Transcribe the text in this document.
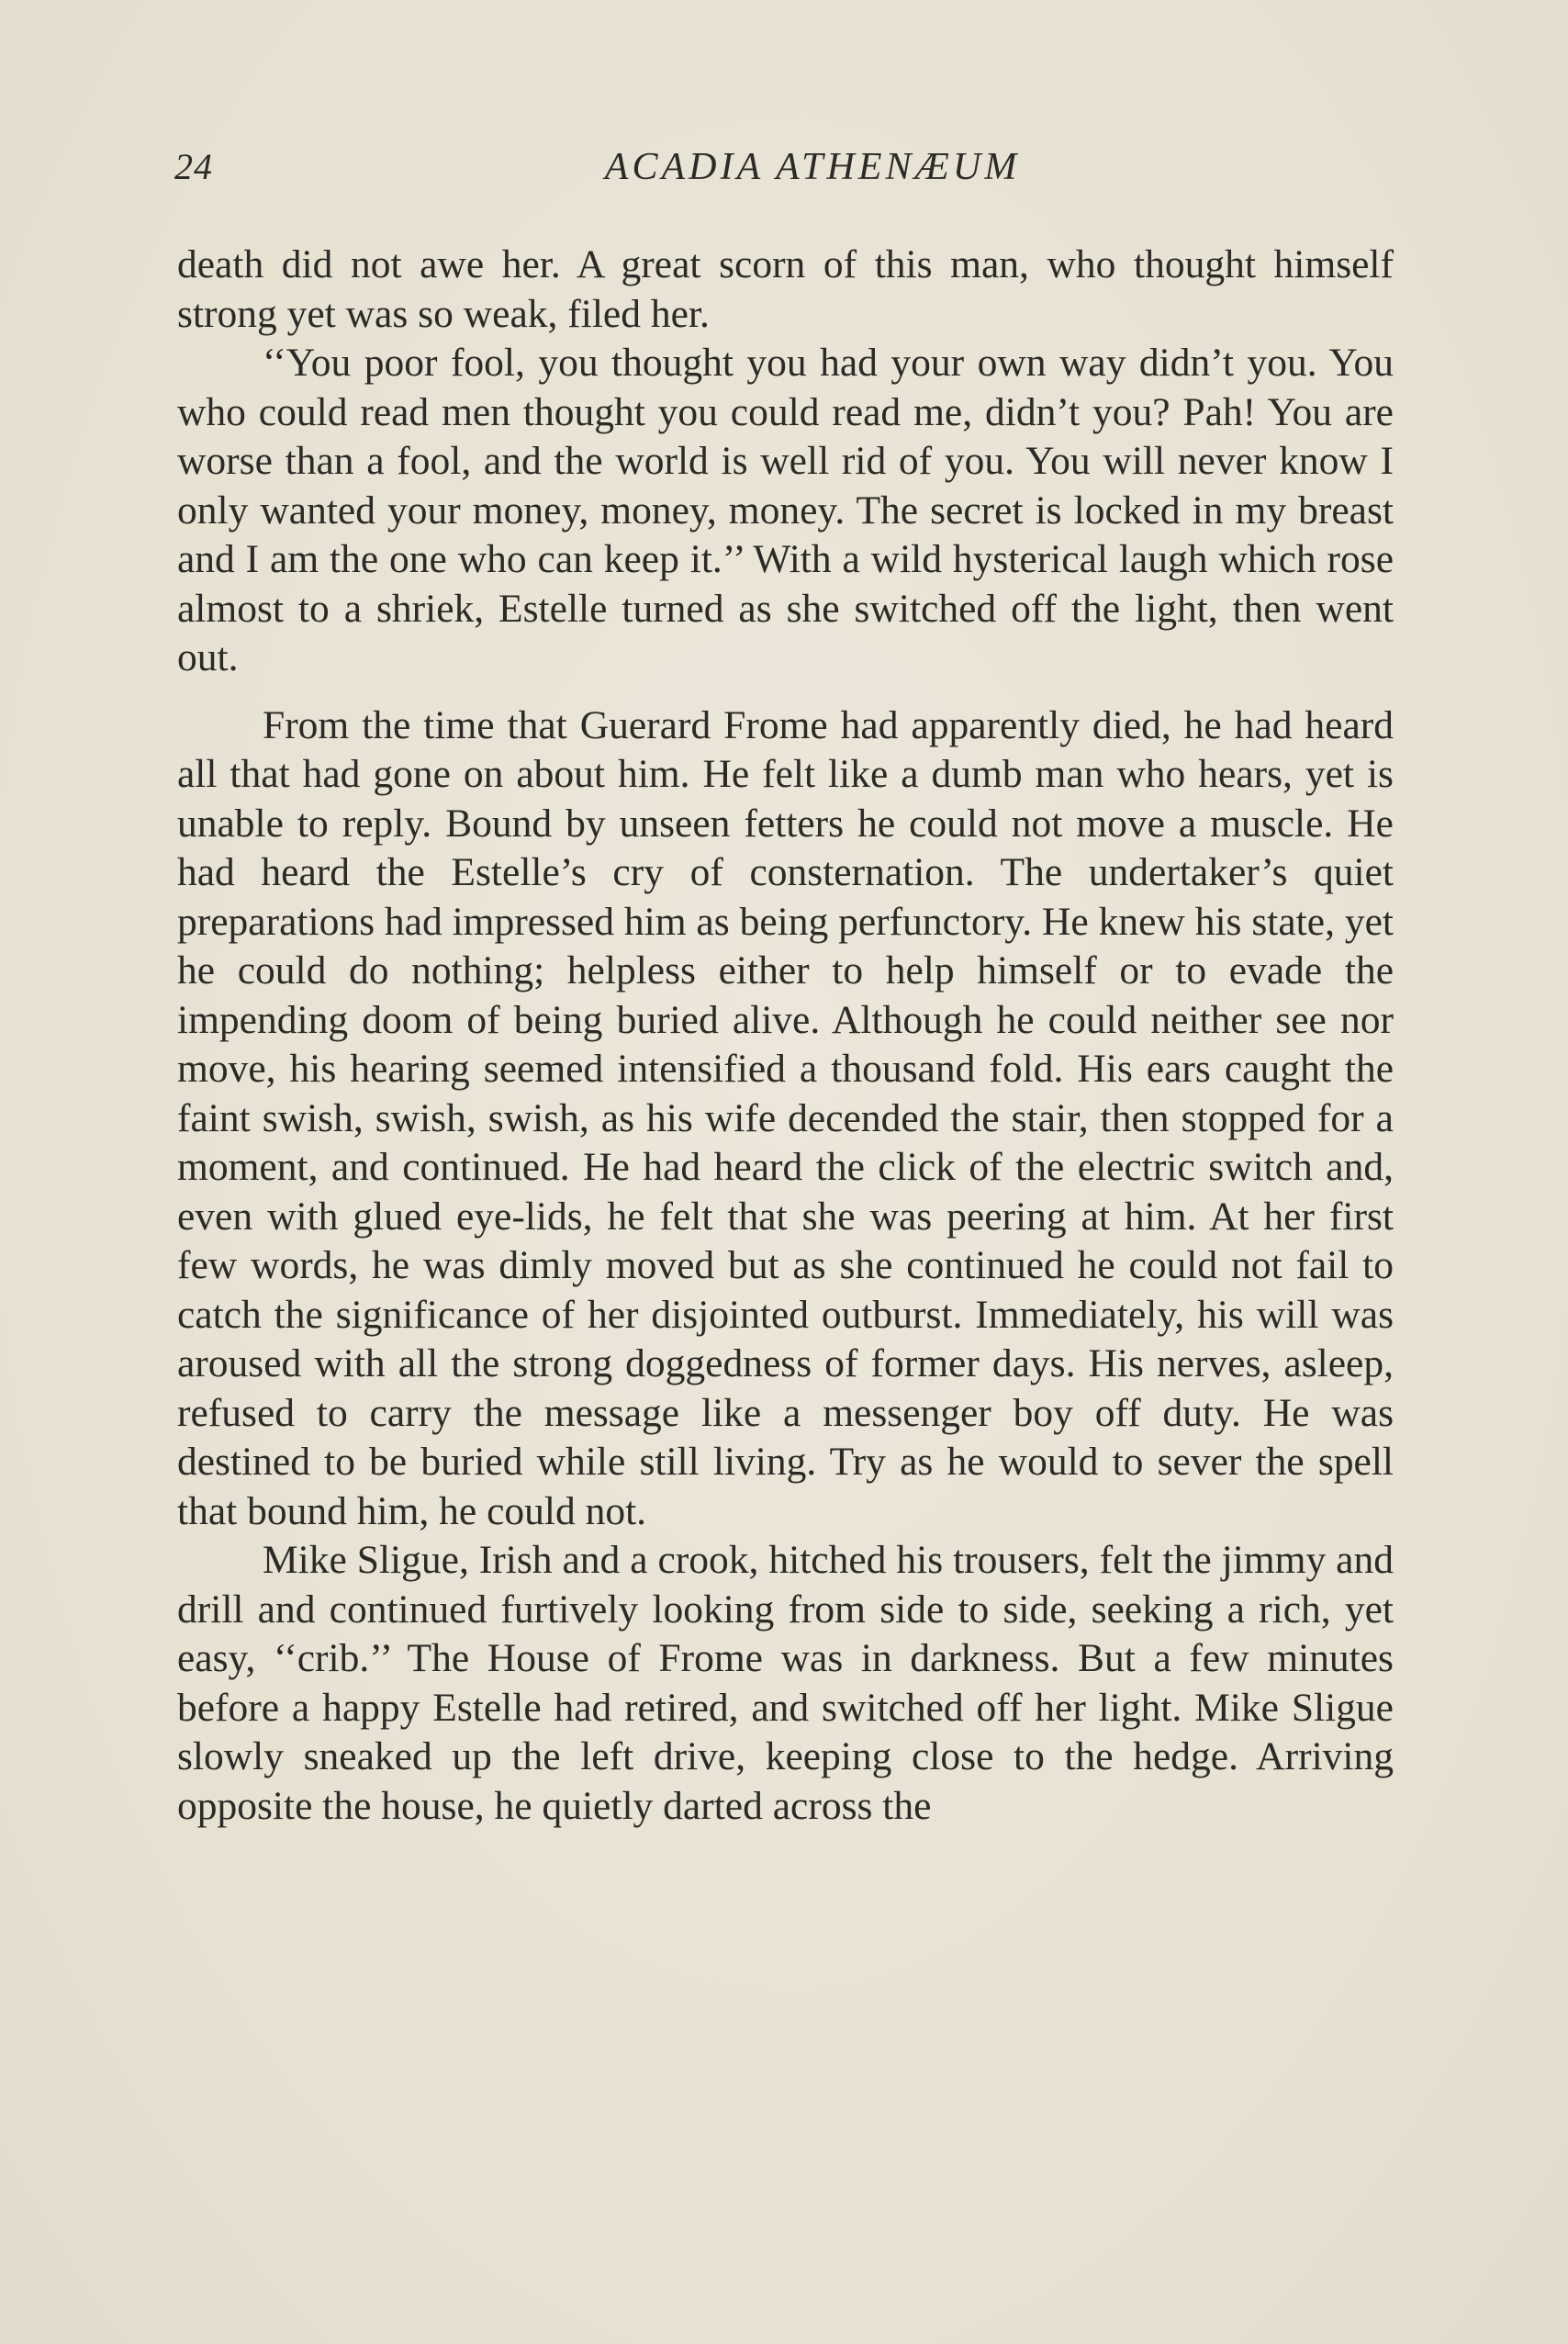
24	ACADIA ATHENÆUM

death did not awe her. A great scorn of this man, who thought himself strong yet was so weak, filed her.

‘‘You poor fool, you thought you had your own way didn’t you. You who could read men thought you could read me, didn’t you? Pah! You are worse than a fool, and the world is well rid of you. You will never know I only wanted your money, money, money. The secret is locked in my breast and I am the one who can keep it.’’ With a wild hysterical laugh which rose almost to a shriek, Estelle turned as she switched off the light, then went out.

From the time that Guerard Frome had apparently died, he had heard all that had gone on about him. He felt like a dumb man who hears, yet is unable to reply. Bound by unseen fetters he could not move a muscle. He had heard the Estelle’s cry of consternation. The undertaker’s quiet preparations had impressed him as being perfunctory. He knew his state, yet he could do nothing; helpless either to help himself or to evade the impending doom of being buried alive. Although he could neither see nor move, his hearing seemed intensified a thousand fold. His ears caught the faint swish, swish, swish, as his wife decended the stair, then stopped for a moment, and continued. He had heard the click of the electric switch and, even with glued eye-lids, he felt that she was peering at him. At her first few words, he was dimly moved but as she continued he could not fail to catch the significance of her disjointed outburst. Immediately, his will was aroused with all the strong doggedness of former days. His nerves, asleep, refused to carry the message like a messenger boy off duty. He was destined to be buried while still living. Try as he would to sever the spell that bound him, he could not.

Mike Sligue, Irish and a crook, hitched his trousers, felt the jimmy and drill and continued furtively looking from side to side, seeking a rich, yet easy, ‘‘crib.’’ The House of Frome was in darkness. But a few minutes before a happy Estelle had retired, and switched off her light. Mike Sligue slowly sneaked up the left drive, keeping close to the hedge. Arriving opposite the house, he quietly darted across the
